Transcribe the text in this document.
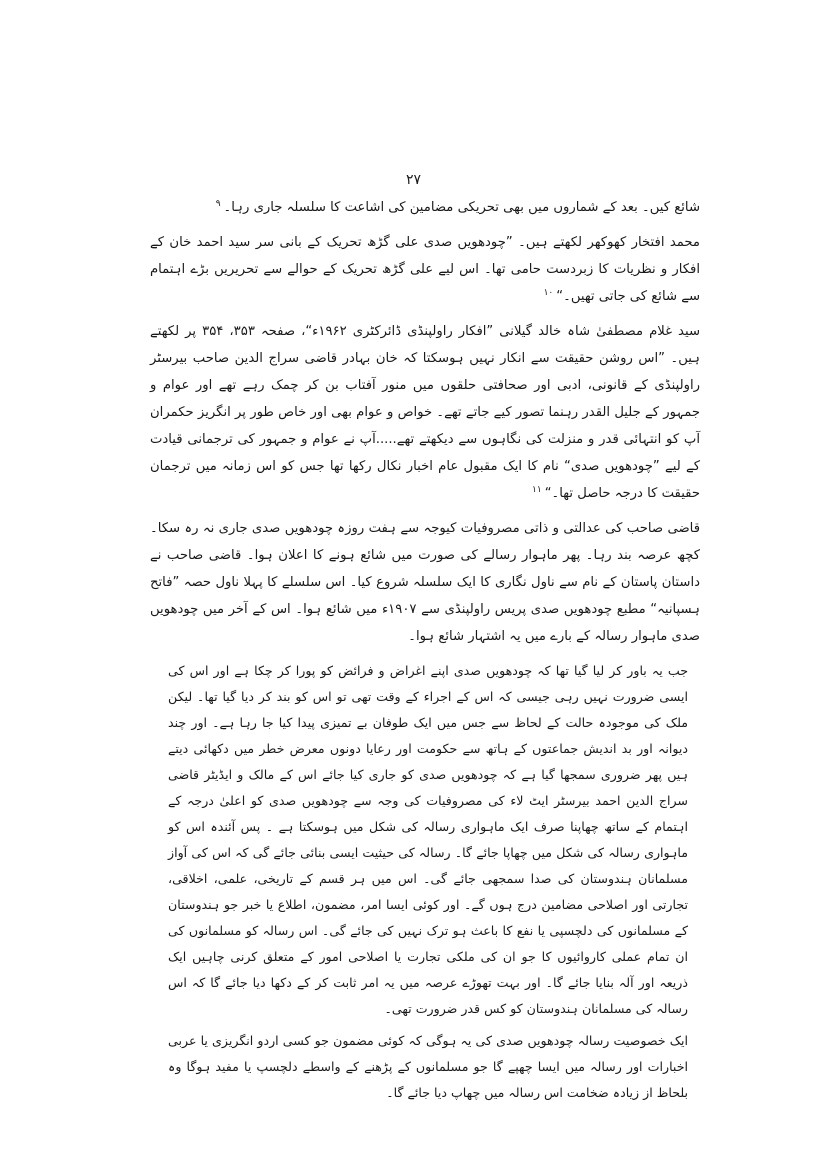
۲۷

شائع کیں۔ بعد کے شماروں میں بھی تحریکی مضامین کی اشاعت کا سلسلہ جاری رہا۔$^۹$

محمد افتخار کھوکھر لکھتے ہیں۔ ”چودھویں صدی علی گڑھ تحریک کے بانی سر سید احمد خان کے افکار و نظریات کا زبردست حامی تھا۔ اس لیے علی گڑھ تحریک کے حوالے سے تحریریں بڑے اہتمام سے شائع کی جاتی تھیں۔“$^{۱۰}$

سید غلام مصطفیٰ شاہ خالد گیلانی ”افکار راولپنڈی ڈائرکٹری ۱۹۶۲ء“، صفحہ ۳۵۳، ۳۵۴ پر لکھتے ہیں۔ ”اس روشن حقیقت سے انکار نہیں ہوسکتا کہ خان بہادر قاضی سراج الدین صاحب بیرسٹر راولپنڈی کے قانونی، ادبی اور صحافتی حلقوں میں منور آفتاب بن کر چمک رہے تھے اور عوام و جمہور کے جلیل القدر رہنما تصور کیے جاتے تھے۔ خواص و عوام بھی اور خاص طور پر انگریز حکمران آپ کو انتہائی قدر و منزلت کی نگاہوں سے دیکھتے تھے.....آپ نے عوام و جمہور کی ترجمانی قیادت کے لیے ”چودھویں صدی“ نام کا ایک مقبول عام اخبار نکال رکھا تھا جس کو اس زمانہ میں ترجمان حقیقت کا درجہ حاصل تھا۔“$^{۱۱}$

قاضی صاحب کی عدالتی و ذاتی مصروفیات کیوجہ سے ہفت روزہ چودھویں صدی جاری نہ رہ سکا۔ کچھ عرصہ بند رہا۔ پھر ماہوار رسالے کی صورت میں شائع ہونے کا اعلان ہوا۔ قاضی صاحب نے داستان پاستان کے نام سے ناول نگاری کا ایک سلسلہ شروع کیا۔ اس سلسلے کا پہلا ناول حصہ ”فاتح ہسپانیہ“ مطبع چودھویں صدی پریس راولپنڈی سے ۱۹۰۷ء میں شائع ہوا۔ اس کے آخر میں چودھویں صدی ماہوار رسالہ کے بارے میں یہ اشتہار شائع ہوا۔

جب یہ باور کر لیا گیا تھا کہ چودھویں صدی اپنے اغراض و فرائض کو پورا کر چکا ہے اور اس کی ایسی ضرورت نہیں رہی جیسی کہ اس کے اجراء کے وقت تھی تو اس کو بند کر دیا گیا تھا۔ لیکن ملک کی موجودہ حالت کے لحاظ سے جس میں ایک طوفان بے تمیزی پیدا کیا جا رہا ہے۔ اور چند دیوانہ اور بد اندیش جماعتوں کے ہاتھ سے حکومت اور رعایا دونوں معرض خطر میں دکھائی دیتے ہیں پھر ضروری سمجھا گیا ہے کہ چودھویں صدی کو جاری کیا جائے اس کے مالک و ایڈیٹر قاضی سراج الدین احمد بیرسٹر ایٹ لاء کی مصروفیات کی وجہ سے چودھویں صدی کو اعلیٰ درجہ کے اہتمام کے ساتھ چھاپنا صرف ایک ماہواری رسالہ کی شکل میں ہوسکتا ہے ۔ پس آئندہ اس کو ماہواری رسالہ کی شکل میں چھاپا جائے گا۔ رسالہ کی حیثیت ایسی بنائی جائے گی کہ اس کی آواز مسلمانان ہندوستان کی صدا سمجھی جائے گی۔ اس میں ہر قسم کے تاریخی، علمی، اخلاقی، تجارتی اور اصلاحی مضامین درج ہوں گے۔ اور کوئی ایسا امر، مضمون، اطلاع یا خبر جو ہندوستان کے مسلمانوں کی دلچسپی یا نفع کا باعث ہو ترک نہیں کی جائے گی۔ اس رسالہ کو مسلمانوں کی ان تمام عملی کاروائیوں کا جو ان کی ملکی تجارت یا اصلاحی امور کے متعلق کرنی چاہیں ایک ذریعہ اور آلہ بنایا جائے گا۔ اور بہت تھوڑے عرصہ میں یہ امر ثابت کر کے دکھا دیا جائے گا کہ اس رسالہ کی مسلمانان ہندوستان کو کس قدر ضرورت تھی۔

ایک خصوصیت رسالہ چودھویں صدی کی یہ ہوگی کہ کوئی مضمون جو کسی اردو انگریزی یا عربی اخبارات اور رسالہ میں ایسا چھپے گا جو مسلمانوں کے پڑھنے کے واسطے دلچسپ یا مفید ہوگا وہ بلحاظ از زیادہ ضخامت اس رسالہ میں چھاپ دیا جائے گا۔
